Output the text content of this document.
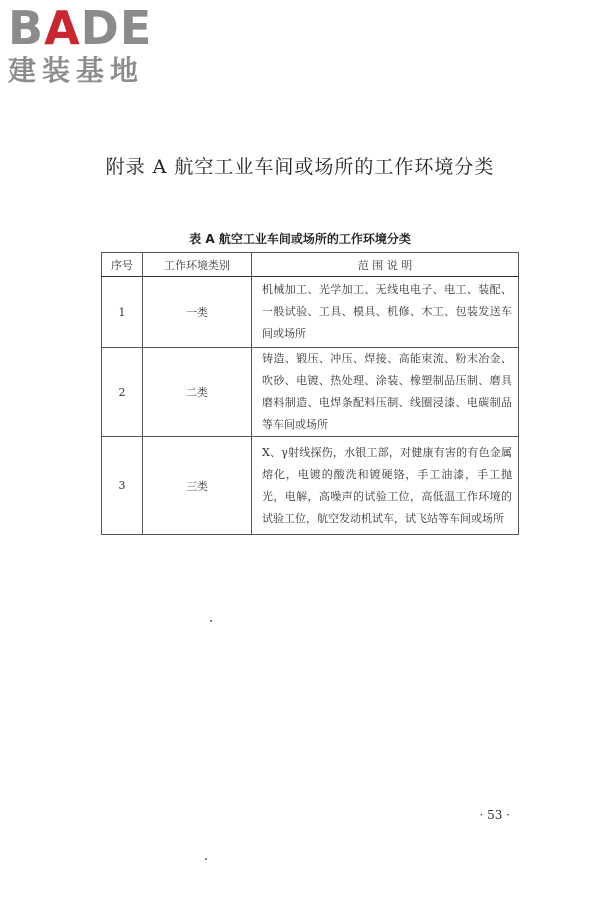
BADE
建装基地
附录 A 航空工业车间或场所的工作环境分类
表 A 航空工业车间或场所的工作环境分类
序号	工作环境类别	范 围 说 明
1	一类	机械加工、光学加工、无线电电子、电工、装配、一般试验、工具、模具、机修、木工、包装发送车间或场所
2	二类	铸造、锻压、冲压、焊接、高能束流、粉末冶金、吹砂、电镀、热处理、涂装、橡塑制品压制、磨具磨料制造、电焊条配料压制、线圈浸漆、电碳制品等车间或场所
3	三类	X、γ射线探伤，水银工部，对健康有害的有色金属熔化，电镀的酸洗和镀硬铬，手工油漆，手工抛光，电解，高噪声的试验工位，高低温工作环境的试验工位，航空发动机试车，试飞站等车间或场所
· 53 ·
